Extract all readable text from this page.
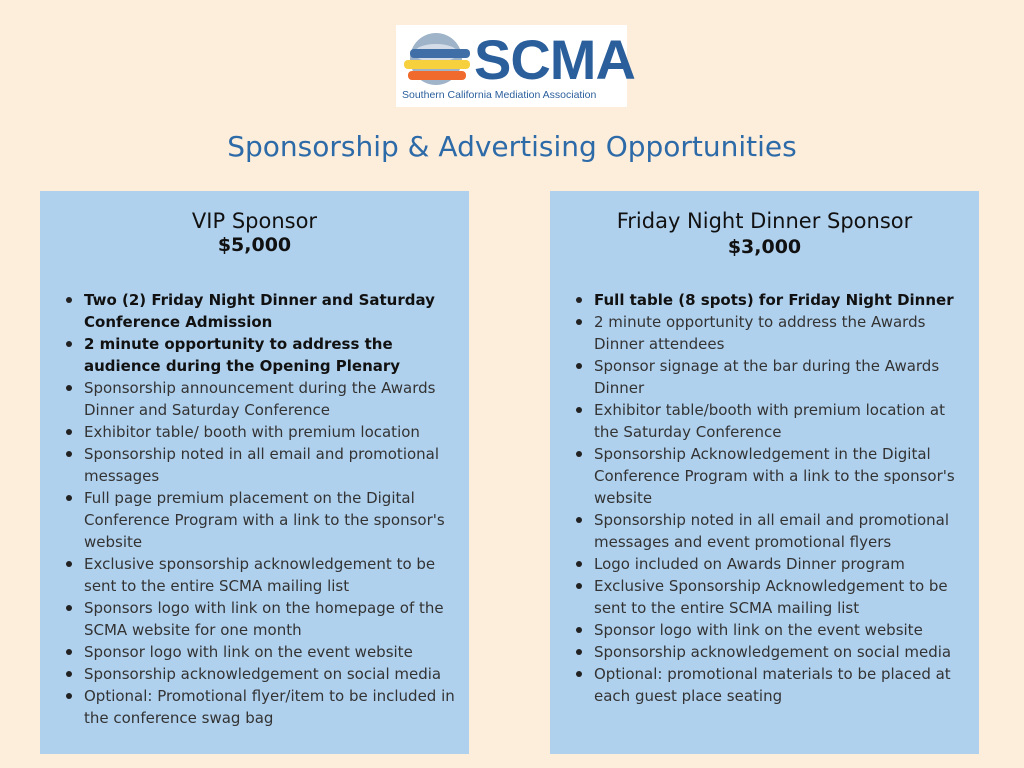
SCMA
Southern California Mediation Association
Sponsorship & Advertising Opportunities
VIP Sponsor
$5,000
Two (2) Friday Night Dinner and Saturday Conference Admission
2 minute opportunity to address the audience during the Opening Plenary
Sponsorship announcement during the Awards Dinner and Saturday Conference
Exhibitor table/ booth with premium location
Sponsorship noted in all email and promotional messages
Full page premium placement on the Digital Conference Program with a link to the sponsor's website
Exclusive sponsorship acknowledgement to be sent to the entire SCMA mailing list
Sponsors logo with link on the homepage of the SCMA website for one month
Sponsor logo with link on the event website
Sponsorship acknowledgement on social media
Optional: Promotional flyer/item to be included in the conference swag bag
Friday Night Dinner Sponsor
$3,000
Full table (8 spots) for Friday Night Dinner
2 minute opportunity to address the Awards Dinner attendees
Sponsor signage at the bar during the Awards Dinner
Exhibitor table/booth with premium location at the Saturday Conference
Sponsorship Acknowledgement in the Digital Conference Program with a link to the sponsor's website
Sponsorship noted in all email and promotional messages and event promotional flyers
Logo included on Awards Dinner program
Exclusive Sponsorship Acknowledgement to be sent to the entire SCMA mailing list
Sponsor logo with link on the event website
Sponsorship acknowledgement on social media
Optional: promotional materials to be placed at each guest place seating
